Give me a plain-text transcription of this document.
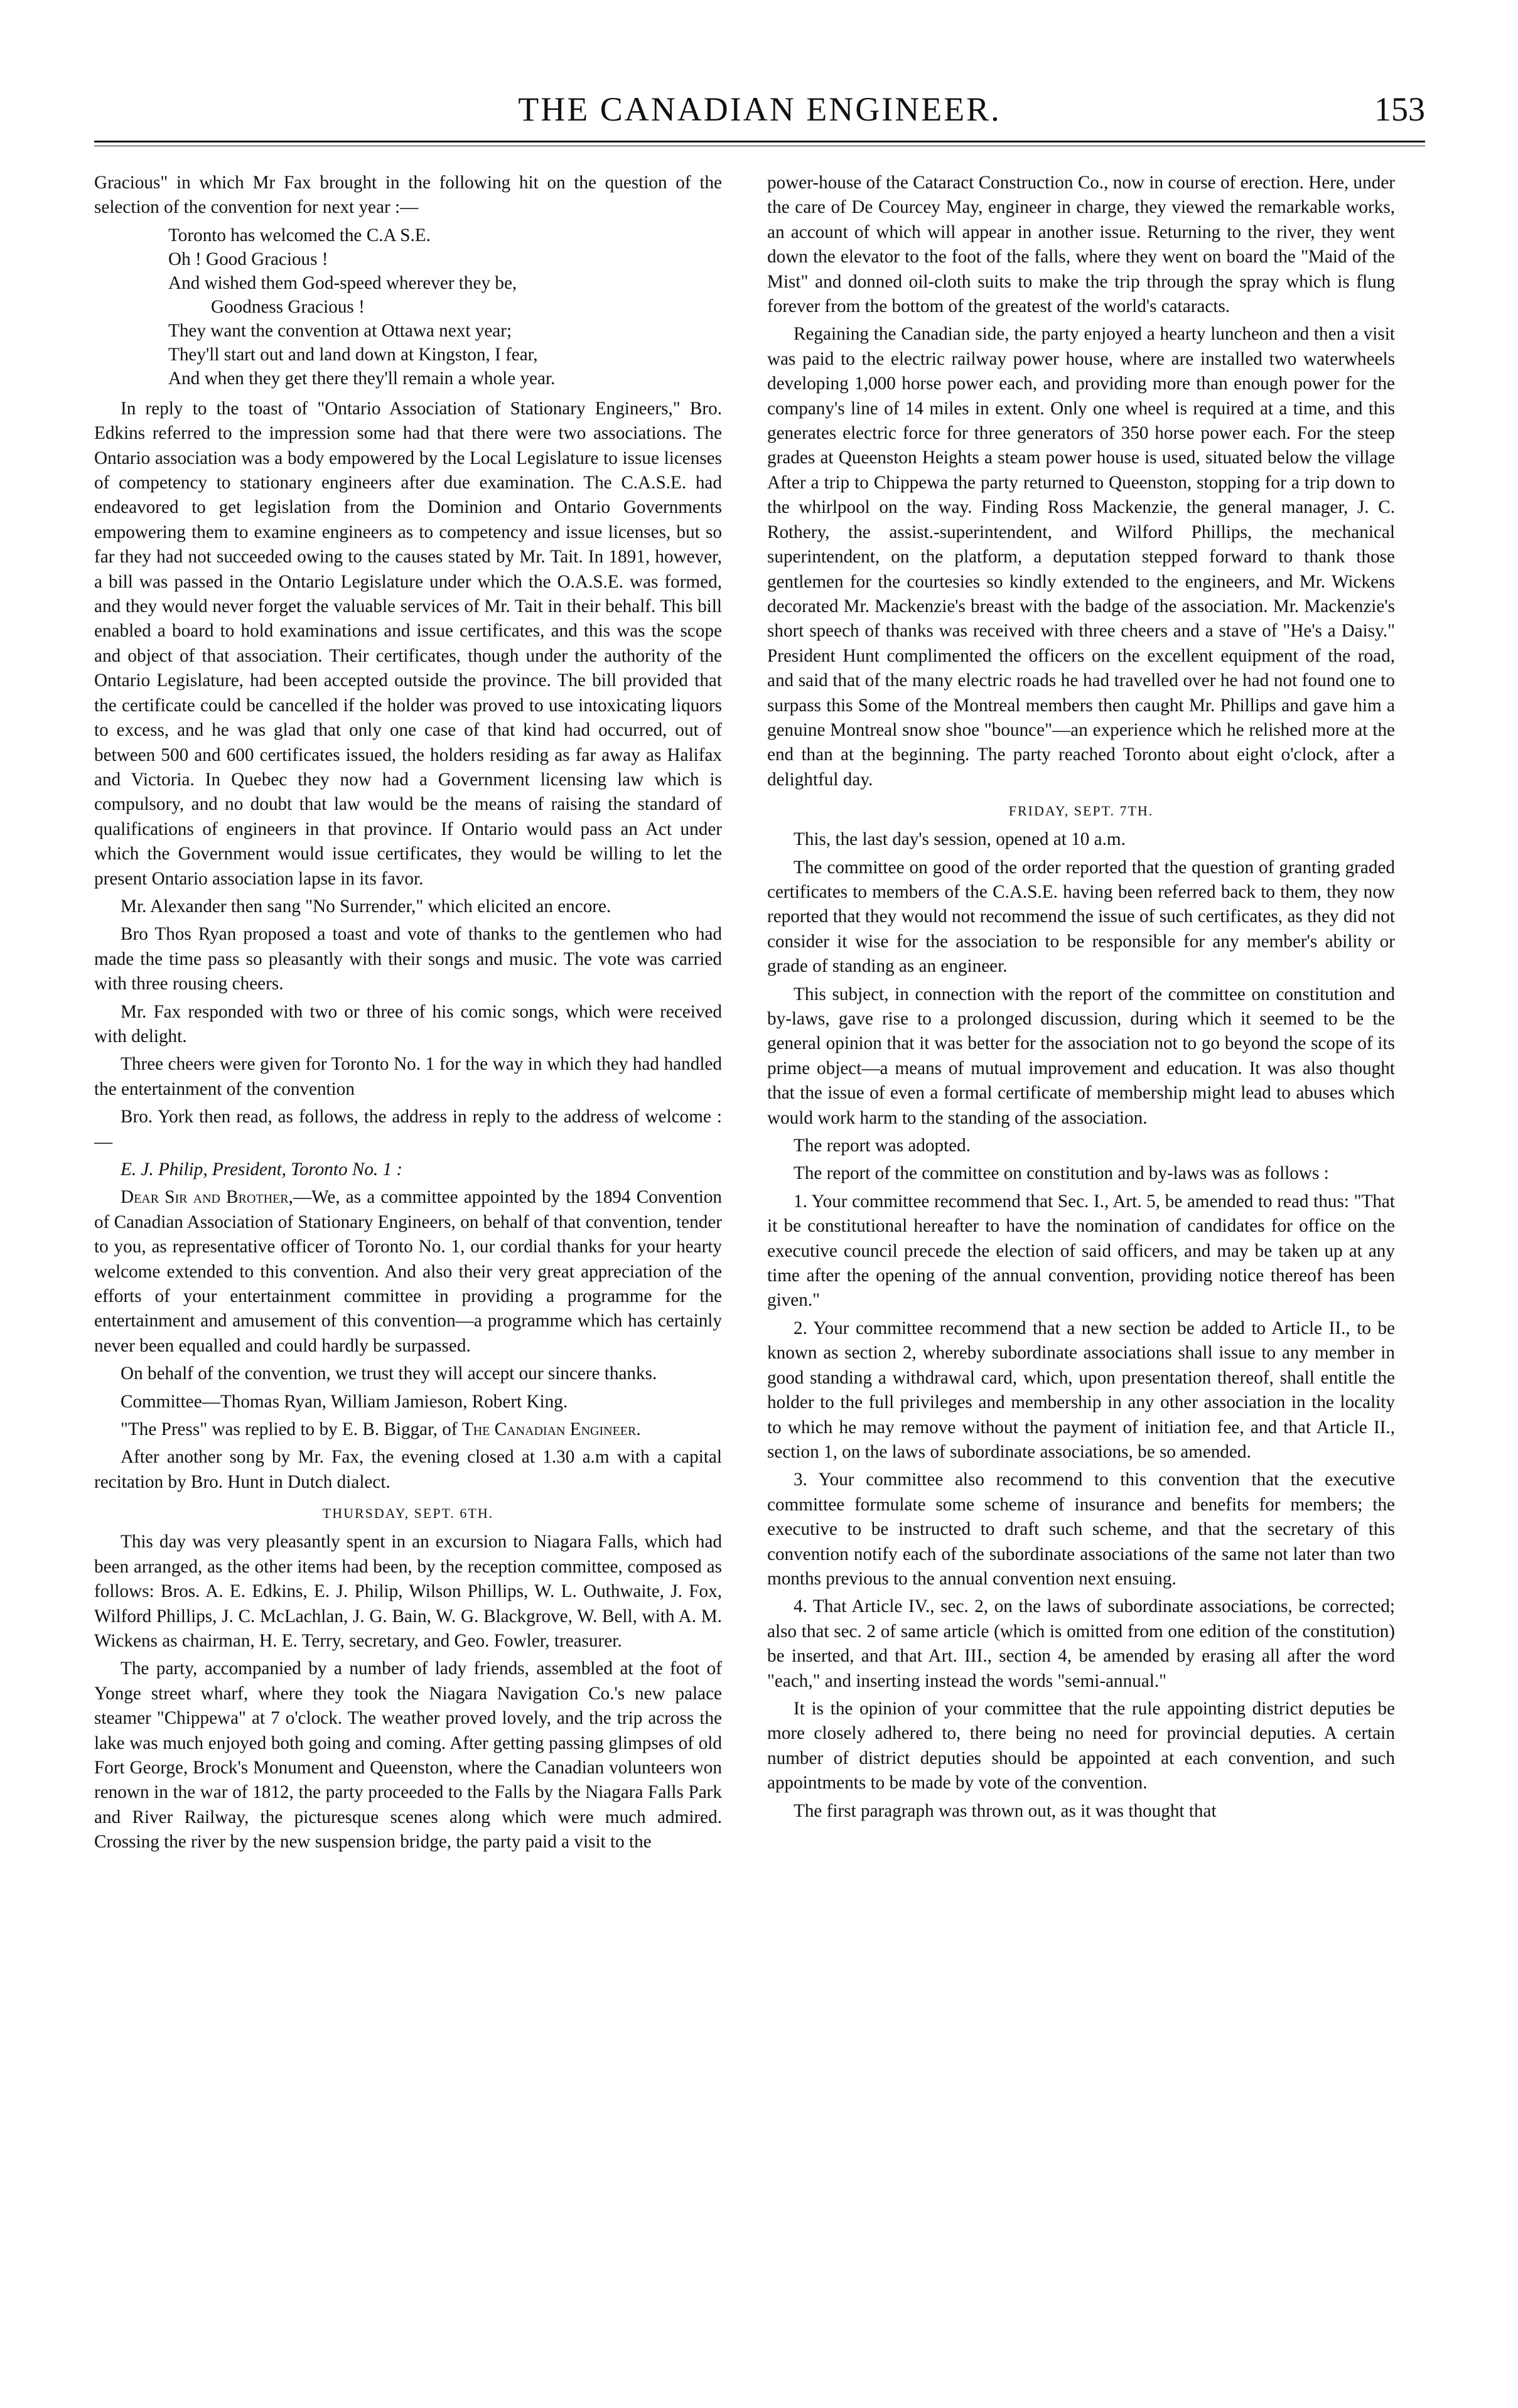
THE CANADIAN ENGINEER.	153

Gracious" in which Mr Fax brought in the following hit on the question of the selection of the convention for next year :—

Toronto has welcomed the C.A S.E.
Oh ! Good Gracious !
And wished them God-speed wherever they be,
Goodness Gracious !
They want the convention at Ottawa next year;
They'll start out and land down at Kingston, I fear,
And when they get there they'll remain a whole year.

In reply to the toast of "Ontario Association of Stationary Engineers," Bro. Edkins referred to the impression some had that there were two associations. The Ontario association was a body empowered by the Local Legislature to issue licenses of competency to stationary engineers after due examination. The C.A.S.E. had endeavored to get legislation from the Dominion and Ontario Governments empowering them to examine engineers as to competency and issue licenses, but so far they had not succeeded owing to the causes stated by Mr. Tait. In 1891, however, a bill was passed in the Ontario Legislature under which the O.A.S.E. was formed, and they would never forget the valuable services of Mr. Tait in their behalf. This bill enabled a board to hold examinations and issue certificates, and this was the scope and object of that association. Their certificates, though under the authority of the Ontario Legislature, had been accepted outside the province. The bill provided that the certificate could be cancelled if the holder was proved to use intoxicating liquors to excess, and he was glad that only one case of that kind had occurred, out of between 500 and 600 certificates issued, the holders residing as far away as Halifax and Victoria. In Quebec they now had a Government licensing law which is compulsory, and no doubt that law would be the means of raising the standard of qualifications of engineers in that province. If Ontario would pass an Act under which the Government would issue certificates, they would be willing to let the present Ontario association lapse in its favor.

Mr. Alexander then sang "No Surrender," which elicited an encore.

Bro Thos Ryan proposed a toast and vote of thanks to the gentlemen who had made the time pass so pleasantly with their songs and music. The vote was carried with three rousing cheers.

Mr. Fax responded with two or three of his comic songs, which were received with delight.

Three cheers were given for Toronto No. 1 for the way in which they had handled the entertainment of the convention

Bro. York then read, as follows, the address in reply to the address of welcome :—

E. J. Philip, President, Toronto No. 1 :

Dear Sir and Brother,—We, as a committee appointed by the 1894 Convention of Canadian Association of Stationary Engineers, on behalf of that convention, tender to you, as representative officer of Toronto No. 1, our cordial thanks for your hearty welcome extended to this convention. And also their very great appreciation of the efforts of your entertainment committee in providing a programme for the entertainment and amusement of this convention—a programme which has certainly never been equalled and could hardly be surpassed.

On behalf of the convention, we trust they will accept our sincere thanks.

Committee—Thomas Ryan, William Jamieson, Robert King.

"The Press" was replied to by E. B. Biggar, of The Canadian Engineer.

After another song by Mr. Fax, the evening closed at 1.30 a.m with a capital recitation by Bro. Hunt in Dutch dialect.

THURSDAY, SEPT. 6TH.

This day was very pleasantly spent in an excursion to Niagara Falls, which had been arranged, as the other items had been, by the reception committee, composed as follows: Bros. A. E. Edkins, E. J. Philip, Wilson Phillips, W. L. Outhwaite, J. Fox, Wilford Phillips, J. C. McLachlan, J. G. Bain, W. G. Blackgrove, W. Bell, with A. M. Wickens as chairman, H. E. Terry, secretary, and Geo. Fowler, treasurer.

The party, accompanied by a number of lady friends, assembled at the foot of Yonge street wharf, where they took the Niagara Navigation Co.'s new palace steamer "Chippewa" at 7 o'clock. The weather proved lovely, and the trip across the lake was much enjoyed both going and coming. After getting passing glimpses of old Fort George, Brock's Monument and Queenston, where the Canadian volunteers won renown in the war of 1812, the party proceeded to the Falls by the Niagara Falls Park and River Railway, the picturesque scenes along which were much admired. Crossing the river by the new suspension bridge, the party paid a visit to the

power-house of the Cataract Construction Co., now in course of erection. Here, under the care of De Courcey May, engineer in charge, they viewed the remarkable works, an account of which will appear in another issue. Returning to the river, they went down the elevator to the foot of the falls, where they went on board the "Maid of the Mist" and donned oil-cloth suits to make the trip through the spray which is flung forever from the bottom of the greatest of the world's cataracts.

Regaining the Canadian side, the party enjoyed a hearty luncheon and then a visit was paid to the electric railway power house, where are installed two waterwheels developing 1,000 horse power each, and providing more than enough power for the company's line of 14 miles in extent. Only one wheel is required at a time, and this generates electric force for three generators of 350 horse power each. For the steep grades at Queenston Heights a steam power house is used, situated below the village After a trip to Chippewa the party returned to Queenston, stopping for a trip down to the whirlpool on the way. Finding Ross Mackenzie, the general manager, J. C. Rothery, the assist.-superintendent, and Wilford Phillips, the mechanical superintendent, on the platform, a deputation stepped forward to thank those gentlemen for the courtesies so kindly extended to the engineers, and Mr. Wickens decorated Mr. Mackenzie's breast with the badge of the association. Mr. Mackenzie's short speech of thanks was received with three cheers and a stave of "He's a Daisy." President Hunt complimented the officers on the excellent equipment of the road, and said that of the many electric roads he had travelled over he had not found one to surpass this Some of the Montreal members then caught Mr. Phillips and gave him a genuine Montreal snow shoe "bounce"—an experience which he relished more at the end than at the beginning. The party reached Toronto about eight o'clock, after a delightful day.

FRIDAY, SEPT. 7TH.

This, the last day's session, opened at 10 a.m.

The committee on good of the order reported that the question of granting graded certificates to members of the C.A.S.E. having been referred back to them, they now reported that they would not recommend the issue of such certificates, as they did not consider it wise for the association to be responsible for any member's ability or grade of standing as an engineer.

This subject, in connection with the report of the committee on constitution and by-laws, gave rise to a prolonged discussion, during which it seemed to be the general opinion that it was better for the association not to go beyond the scope of its prime object—a means of mutual improvement and education. It was also thought that the issue of even a formal certificate of membership might lead to abuses which would work harm to the standing of the association.

The report was adopted.

The report of the committee on constitution and by-laws was as follows :

1. Your committee recommend that Sec. I., Art. 5, be amended to read thus: "That it be constitutional hereafter to have the nomination of candidates for office on the executive council precede the election of said officers, and may be taken up at any time after the opening of the annual convention, providing notice thereof has been given."

2. Your committee recommend that a new section be added to Article II., to be known as section 2, whereby subordinate associations shall issue to any member in good standing a withdrawal card, which, upon presentation thereof, shall entitle the holder to the full privileges and membership in any other association in the locality to which he may remove without the payment of initiation fee, and that Article II., section 1, on the laws of subordinate associations, be so amended.

3. Your committee also recommend to this convention that the executive committee formulate some scheme of insurance and benefits for members; the executive to be instructed to draft such scheme, and that the secretary of this convention notify each of the subordinate associations of the same not later than two months previous to the annual convention next ensuing.

4. That Article IV., sec. 2, on the laws of subordinate associations, be corrected; also that sec. 2 of same article (which is omitted from one edition of the constitution) be inserted, and that Art. III., section 4, be amended by erasing all after the word "each," and inserting instead the words "semi-annual."

It is the opinion of your committee that the rule appointing district deputies be more closely adhered to, there being no need for provincial deputies. A certain number of district deputies should be appointed at each convention, and such appointments to be made by vote of the convention.

The first paragraph was thrown out, as it was thought that
